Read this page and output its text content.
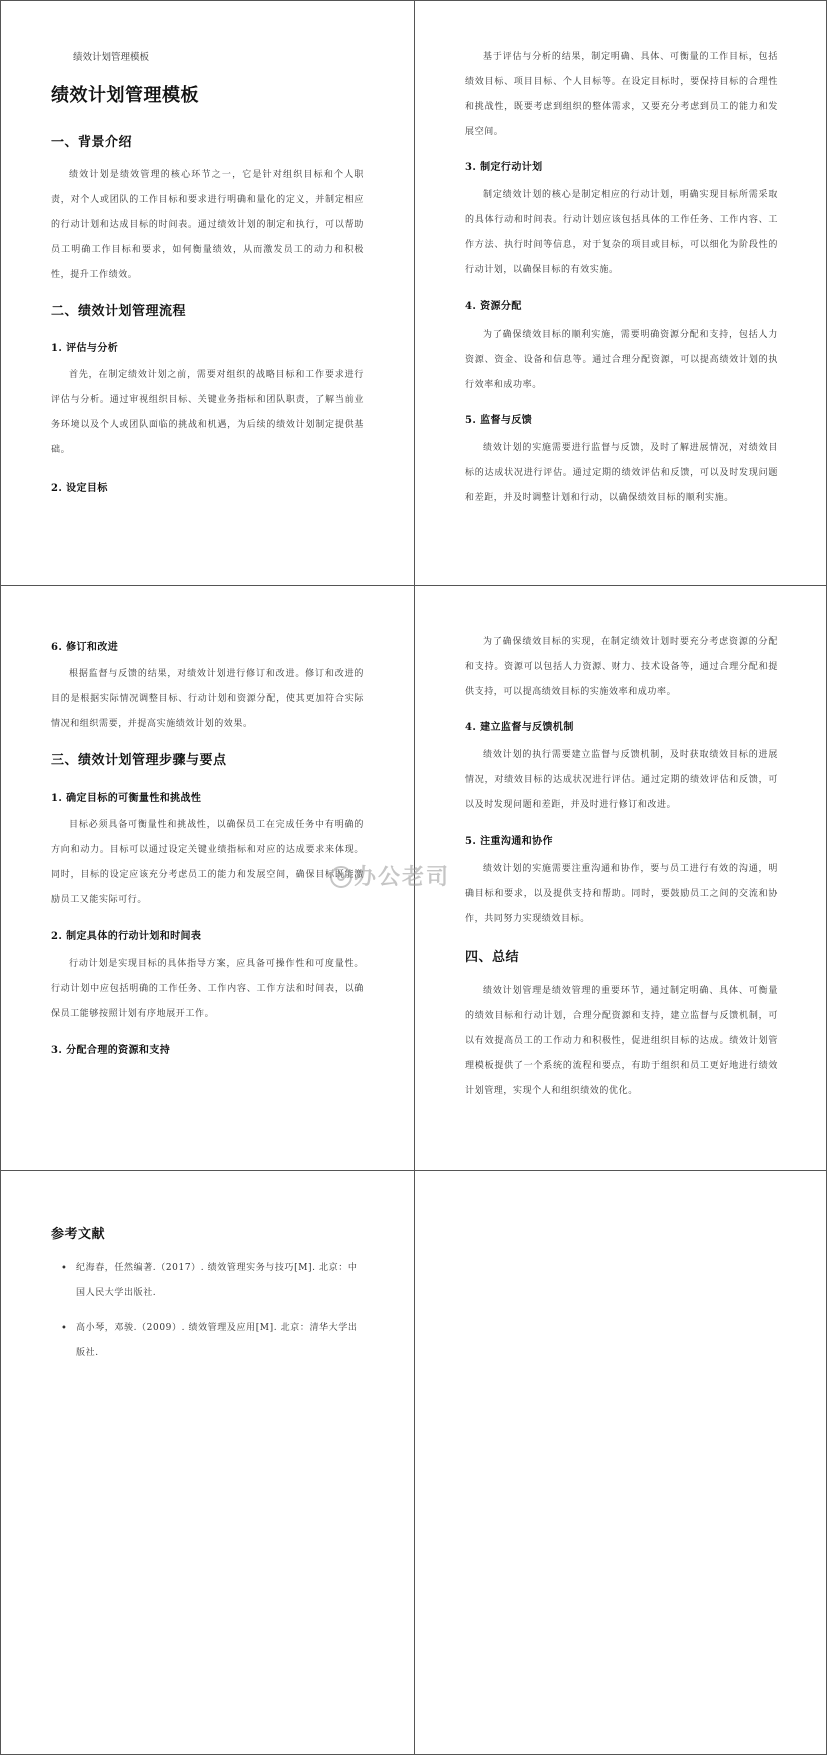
绩效计划管理模板
绩效计划管理模板
一、背景介绍
绩效计划是绩效管理的核心环节之一，它是针对组织目标和个人职责，对个人或团队的工作目标和要求进行明确和量化的定义，并制定相应的行动计划和达成目标的时间表。通过绩效计划的制定和执行，可以帮助员工明确工作目标和要求，如何衡量绩效，从而激发员工的动力和积极性，提升工作绩效。
二、绩效计划管理流程
1. 评估与分析
首先，在制定绩效计划之前，需要对组织的战略目标和工作要求进行评估与分析。通过审视组织目标、关键业务指标和团队职责，了解当前业务环境以及个人或团队面临的挑战和机遇，为后续的绩效计划制定提供基础。
2. 设定目标
基于评估与分析的结果，制定明确、具体、可衡量的工作目标，包括绩效目标、项目目标、个人目标等。在设定目标时，要保持目标的合理性和挑战性，既要考虑到组织的整体需求，又要充分考虑到员工的能力和发展空间。
3. 制定行动计划
制定绩效计划的核心是制定相应的行动计划，明确实现目标所需采取的具体行动和时间表。行动计划应该包括具体的工作任务、工作内容、工作方法、执行时间等信息，对于复杂的项目或目标，可以细化为阶段性的行动计划，以确保目标的有效实施。
4. 资源分配
为了确保绩效目标的顺利实施，需要明确资源分配和支持，包括人力资源、资金、设备和信息等。通过合理分配资源，可以提高绩效计划的执行效率和成功率。
5. 监督与反馈
绩效计划的实施需要进行监督与反馈，及时了解进展情况，对绩效目标的达成状况进行评估。通过定期的绩效评估和反馈，可以及时发现问题和差距，并及时调整计划和行动，以确保绩效目标的顺利实施。
6. 修订和改进
根据监督与反馈的结果，对绩效计划进行修订和改进。修订和改进的目的是根据实际情况调整目标、行动计划和资源分配，使其更加符合实际情况和组织需要，并提高实施绩效计划的效果。
三、绩效计划管理步骤与要点
1. 确定目标的可衡量性和挑战性
目标必须具备可衡量性和挑战性，以确保员工在完成任务中有明确的方向和动力。目标可以通过设定关键业绩指标和对应的达成要求来体现。同时，目标的设定应该充分考虑员工的能力和发展空间，确保目标既能激励员工又能实际可行。
2. 制定具体的行动计划和时间表
行动计划是实现目标的具体指导方案，应具备可操作性和可度量性。行动计划中应包括明确的工作任务、工作内容、工作方法和时间表，以确保员工能够按照计划有序地展开工作。
3. 分配合理的资源和支持
为了确保绩效目标的实现，在制定绩效计划时要充分考虑资源的分配和支持。资源可以包括人力资源、财力、技术设备等，通过合理分配和提供支持，可以提高绩效目标的实施效率和成功率。
4. 建立监督与反馈机制
绩效计划的执行需要建立监督与反馈机制，及时获取绩效目标的进展情况，对绩效目标的达成状况进行评估。通过定期的绩效评估和反馈，可以及时发现问题和差距，并及时进行修订和改进。
5. 注重沟通和协作
绩效计划的实施需要注重沟通和协作，要与员工进行有效的沟通，明确目标和要求，以及提供支持和帮助。同时，要鼓励员工之间的交流和协作，共同努力实现绩效目标。
四、总结
绩效计划管理是绩效管理的重要环节，通过制定明确、具体、可衡量的绩效目标和行动计划，合理分配资源和支持，建立监督与反馈机制，可以有效提高员工的工作动力和积极性，促进组织目标的达成。绩效计划管理模板提供了一个系统的流程和要点，有助于组织和员工更好地进行绩效计划管理，实现个人和组织绩效的优化。
参考文献
• 纪海春，任然编著.（2017）. 绩效管理实务与技巧[M]. 北京：中国人民大学出版社.
• 高小琴，邓骏.（2009）. 绩效管理及应用[M]. 北京：清华大学出版社.
办公老司
